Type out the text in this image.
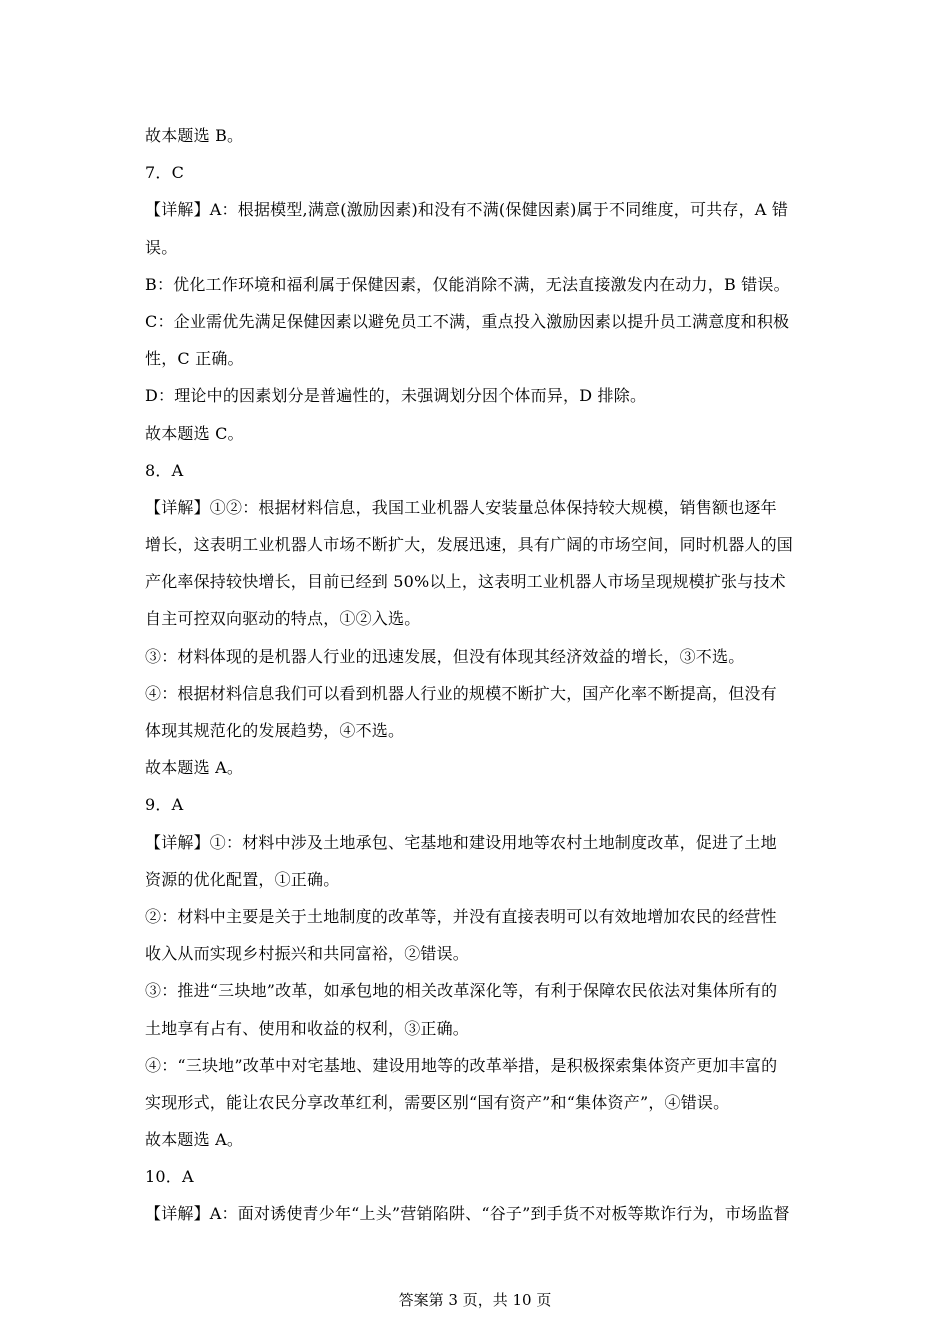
故本题选 B。
7．C
【详解】A：根据模型,满意(激励因素)和没有不满(保健因素)属于不同维度，可共存，A 错
误。
B：优化工作环境和福利属于保健因素，仅能消除不满，无法直接激发内在动力，B 错误。
C：企业需优先满足保健因素以避免员工不满，重点投入激励因素以提升员工满意度和积极
性，C 正确。
D：理论中的因素划分是普遍性的，未强调划分因个体而异，D 排除。
故本题选 C。
8．A
【详解】①②：根据材料信息，我国工业机器人安装量总体保持较大规模，销售额也逐年
增长，这表明工业机器人市场不断扩大，发展迅速，具有广阔的市场空间，同时机器人的国
产化率保持较快增长，目前已经到 50%以上，这表明工业机器人市场呈现规模扩张与技术
自主可控双向驱动的特点，①②入选。
③：材料体现的是机器人行业的迅速发展，但没有体现其经济效益的增长，③不选。
④：根据材料信息我们可以看到机器人行业的规模不断扩大，国产化率不断提高，但没有
体现其规范化的发展趋势，④不选。
故本题选 A。
9．A
【详解】①：材料中涉及土地承包、宅基地和建设用地等农村土地制度改革，促进了土地
资源的优化配置，①正确。
②：材料中主要是关于土地制度的改革等，并没有直接表明可以有效地增加农民的经营性
收入从而实现乡村振兴和共同富裕，②错误。
③：推进“三块地”改革，如承包地的相关改革深化等，有利于保障农民依法对集体所有的
土地享有占有、使用和收益的权利，③正确。
④：“三块地”改革中对宅基地、建设用地等的改革举措，是积极探索集体资产更加丰富的
实现形式，能让农民分享改革红利，需要区别“国有资产”和“集体资产”，④错误。
故本题选 A。
10．A
【详解】A：面对诱使青少年“上头”营销陷阱、“谷子”到手货不对板等欺诈行为，市场监督
答案第 3 页，共 10 页
